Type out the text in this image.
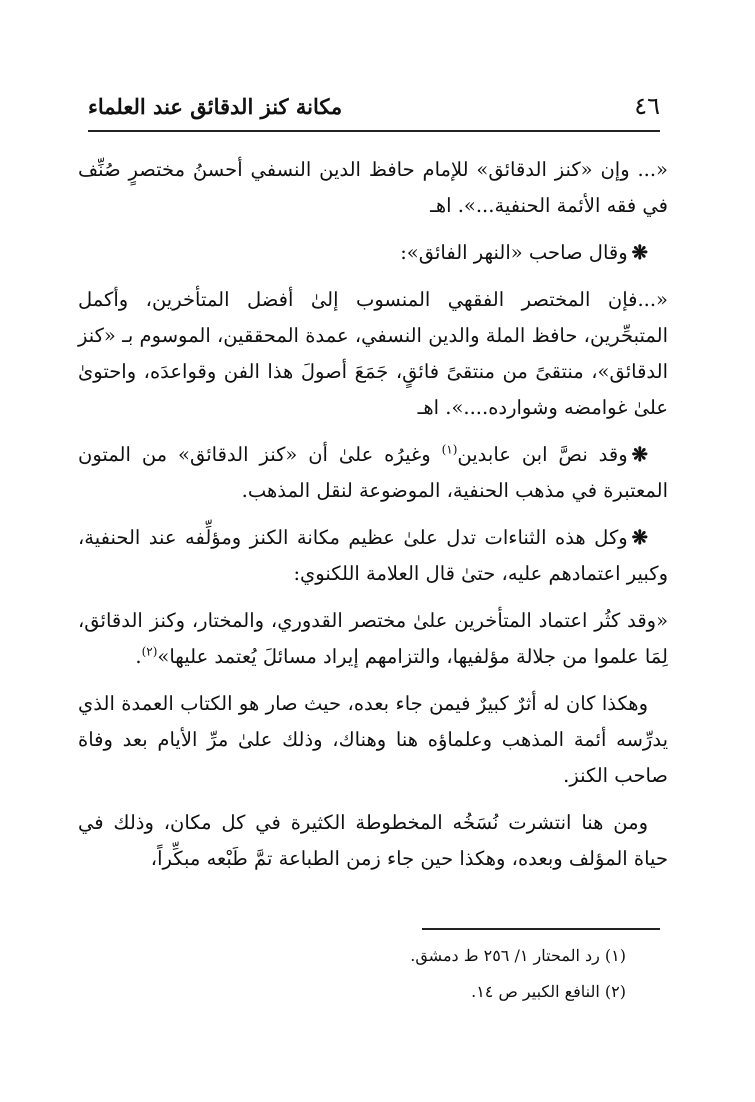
٤٦
مكانة كنز الدقائق عند العلماء

«... وإن «كنز الدقائق» للإمام حافظ الدين النسفي أحسنُ مختصرٍ صُنِّف في فقه الأئمة الحنفية...». اهـ

❋وقال صاحب «النهر الفائق»:

«...فإن المختصر الفقهي المنسوب إلىٰ أفضل المتأخرين، وأكمل المتبحِّرين، حافظ الملة والدين النسفي، عمدة المحققين، الموسوم بـ «كنز الدقائق»، منتقىً من منتقىً فائقٍ، جَمَعَ أصولَ هذا الفن وقواعدَه، واحتوىٰ علىٰ غوامضه وشوارده....». اهـ

❋وقد نصَّ ابن عابدين$^{(١)}$ وغيرُه علىٰ أن «كنز الدقائق» من المتون المعتبرة في مذهب الحنفية، الموضوعة لنقل المذهب.

❋وكل هذه الثناءات تدل علىٰ عظيم مكانة الكنز ومؤلِّفه عند الحنفية، وكبير اعتمادهم عليه، حتىٰ قال العلامة اللكنوي:

«وقد كثُر اعتماد المتأخرين علىٰ مختصر القدوري، والمختار، وكنز الدقائق، لِمَا علموا من جلالة مؤلفيها، والتزامهم إيراد مسائلَ يُعتمد عليها»$^{(٢)}$.

وهكذا كان له أثرٌ كبيرٌ فيمن جاء بعده، حيث صار هو الكتاب العمدة الذي يدرِّسه أئمة المذهب وعلماؤه هنا وهناك، وذلك علىٰ مرِّ الأيام بعد وفاة صاحب الكنز.

ومن هنا انتشرت نُسَخُه المخطوطة الكثيرة في كل مكان، وذلك في حياة المؤلف وبعده، وهكذا حين جاء زمن الطباعة تمَّ طَبْعه مبكِّراً،

(١) رد المحتار ١/ ٢٥٦ ط دمشق.

(٢) النافع الكبير ص ١٤.
